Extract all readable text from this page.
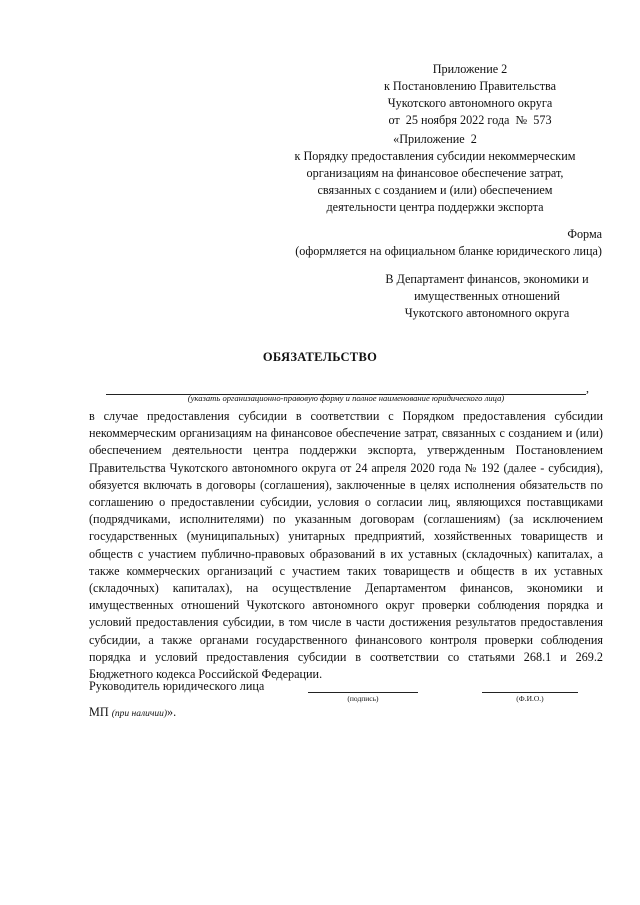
Приложение 2
к Постановлению Правительства
Чукотского автономного округа
от  25 ноября 2022 года  №  573
«Приложение  2
к Порядку предоставления субсидии некоммерческим
организациям на финансовое обеспечение затрат,
связанных с созданием и (или) обеспечением
деятельности центра поддержки экспорта
Форма
(оформляется на официальном бланке юридического лица)
В Департамент финансов, экономики и
имущественных отношений
Чукотского автономного округа
ОБЯЗАТЕЛЬСТВО
,
(указать организационно-правовую форму и полное наименование юридического лица)
в случае предоставления субсидии в соответствии с Порядком предоставления субсидии некоммерческим организациям на финансовое обеспечение затрат, связанных с созданием и (или) обеспечением деятельности центра поддержки экспорта, утвержденным Постановлением Правительства Чукотского автономного округа от 24 апреля 2020 года № 192 (далее - субсидия), обязуется включать в договоры (соглашения), заключенные в целях исполнения обязательств по соглашению о предоставлении субсидии, условия о согласии лиц, являющихся поставщиками (подрядчиками, исполнителями) по указанным договорам (соглашениям) (за исключением государственных (муниципальных) унитарных предприятий, хозяйственных товариществ и обществ с участием публично-правовых образований в их уставных (складочных) капиталах, а также коммерческих организаций с участием таких товариществ и обществ в их уставных (складочных) капиталах), на осуществление Департаментом финансов, экономики и имущественных отношений Чукотского автономного округ проверки соблюдения порядка и условий предоставления субсидии, в том числе в части достижения результатов предоставления субсидии, а также органами государственного финансового контроля проверки соблюдения порядка и условий предоставления субсидии в соответствии со статьями 268.1 и 269.2 Бюджетного кодекса Российской Федерации.
Руководитель юридического лица
(подпись)	(Ф.И.О.)
МП (при наличии)».
